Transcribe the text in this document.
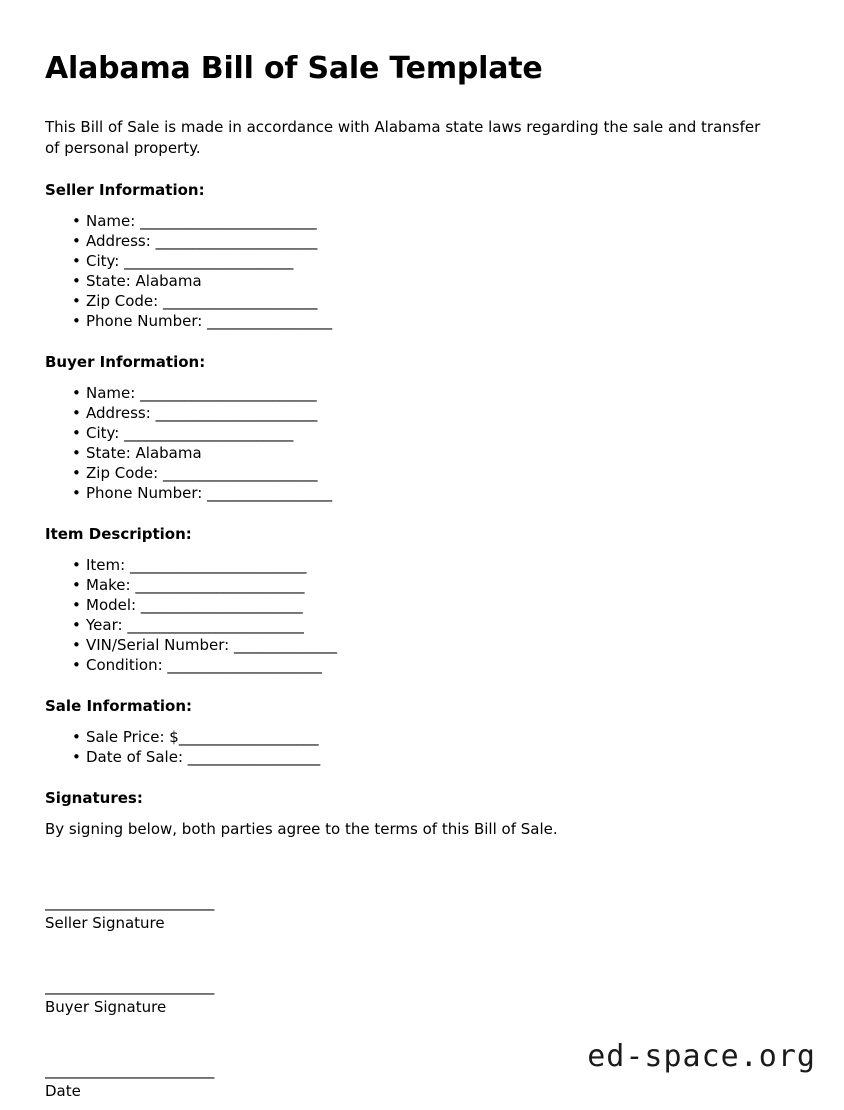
Alabama Bill of Sale Template

This Bill of Sale is made in accordance with Alabama state laws regarding the sale and transfer of personal property.

Seller Information:
• Name: ________________________
• Address: ______________________
• City: _______________________
• State: Alabama
• Zip Code: _____________________
• Phone Number: _________________
Buyer Information:
• Name: ________________________
• Address: ______________________
• City: _______________________
• State: Alabama
• Zip Code: _____________________
• Phone Number: _________________
Item Description:
• Item: ________________________
• Make: _______________________
• Model: ______________________
• Year: ________________________
• VIN/Serial Number: ______________
• Condition: _____________________
Sale Information:
• Sale Price: $___________________
• Date of Sale: __________________
Signatures:

By signing below, both parties agree to the terms of this Bill of Sale.

_______________________
Seller Signature
_______________________
Buyer Signature
_______________________
Date
ed-space.org
